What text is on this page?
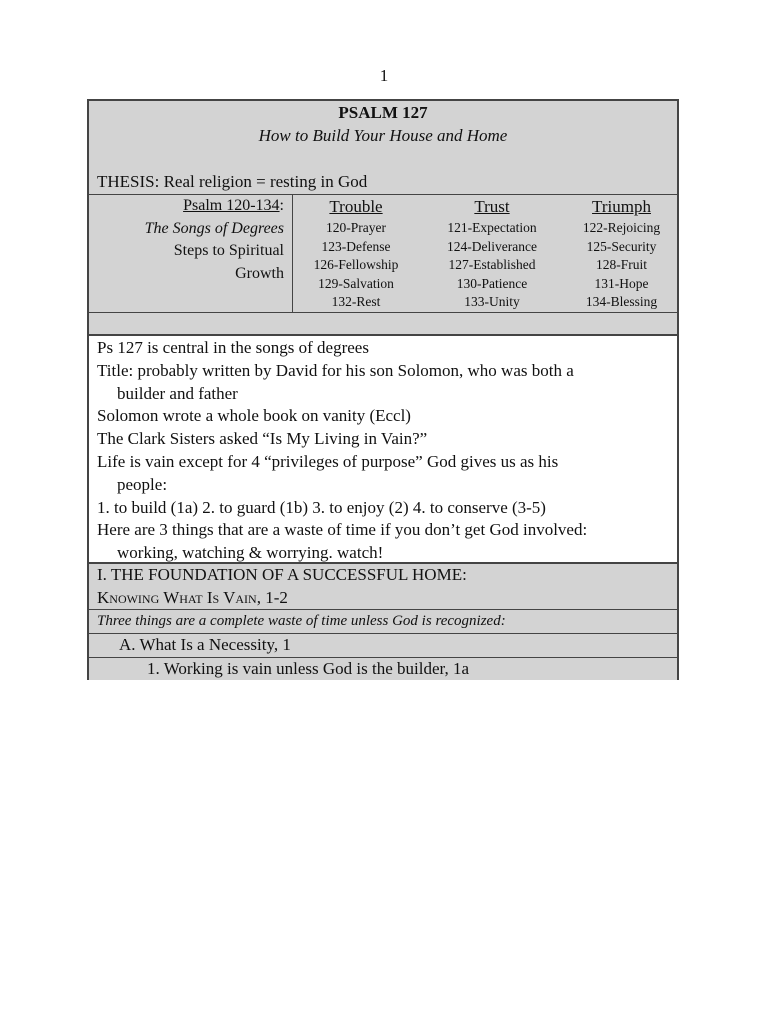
1
PSALM 127
How to Build Your House and Home
THESIS: Real religion = resting in God
Psalm 120-134:
The Songs of Degrees
Steps to Spiritual
Growth
Trouble
120-Prayer
123-Defense
126-Fellowship
129-Salvation
132-Rest
Trust
121-Expectation
124-Deliverance
127-Established
130-Patience
133-Unity
Triumph
122-Rejoicing
125-Security
128-Fruit
131-Hope
134-Blessing
Ps 127 is central in the songs of degrees
Title: probably written by David for his son Solomon, who was both a
builder and father
Solomon wrote a whole book on vanity (Eccl)
The Clark Sisters asked “Is My Living in Vain?”
Life is vain except for 4 “privileges of purpose” God gives us as his
people:
1. to build (1a) 2. to guard (1b) 3. to enjoy (2) 4. to conserve (3-5)
Here are 3 things that are a waste of time if you don’t get God involved:
working, watching & worrying. watch!
I. THE FOUNDATION OF A SUCCESSFUL HOME:
Knowing What Is Vain, 1-2
Three things are a complete waste of time unless God is recognized:
A. What Is a Necessity, 1
1. Working is vain unless God is the builder, 1a
